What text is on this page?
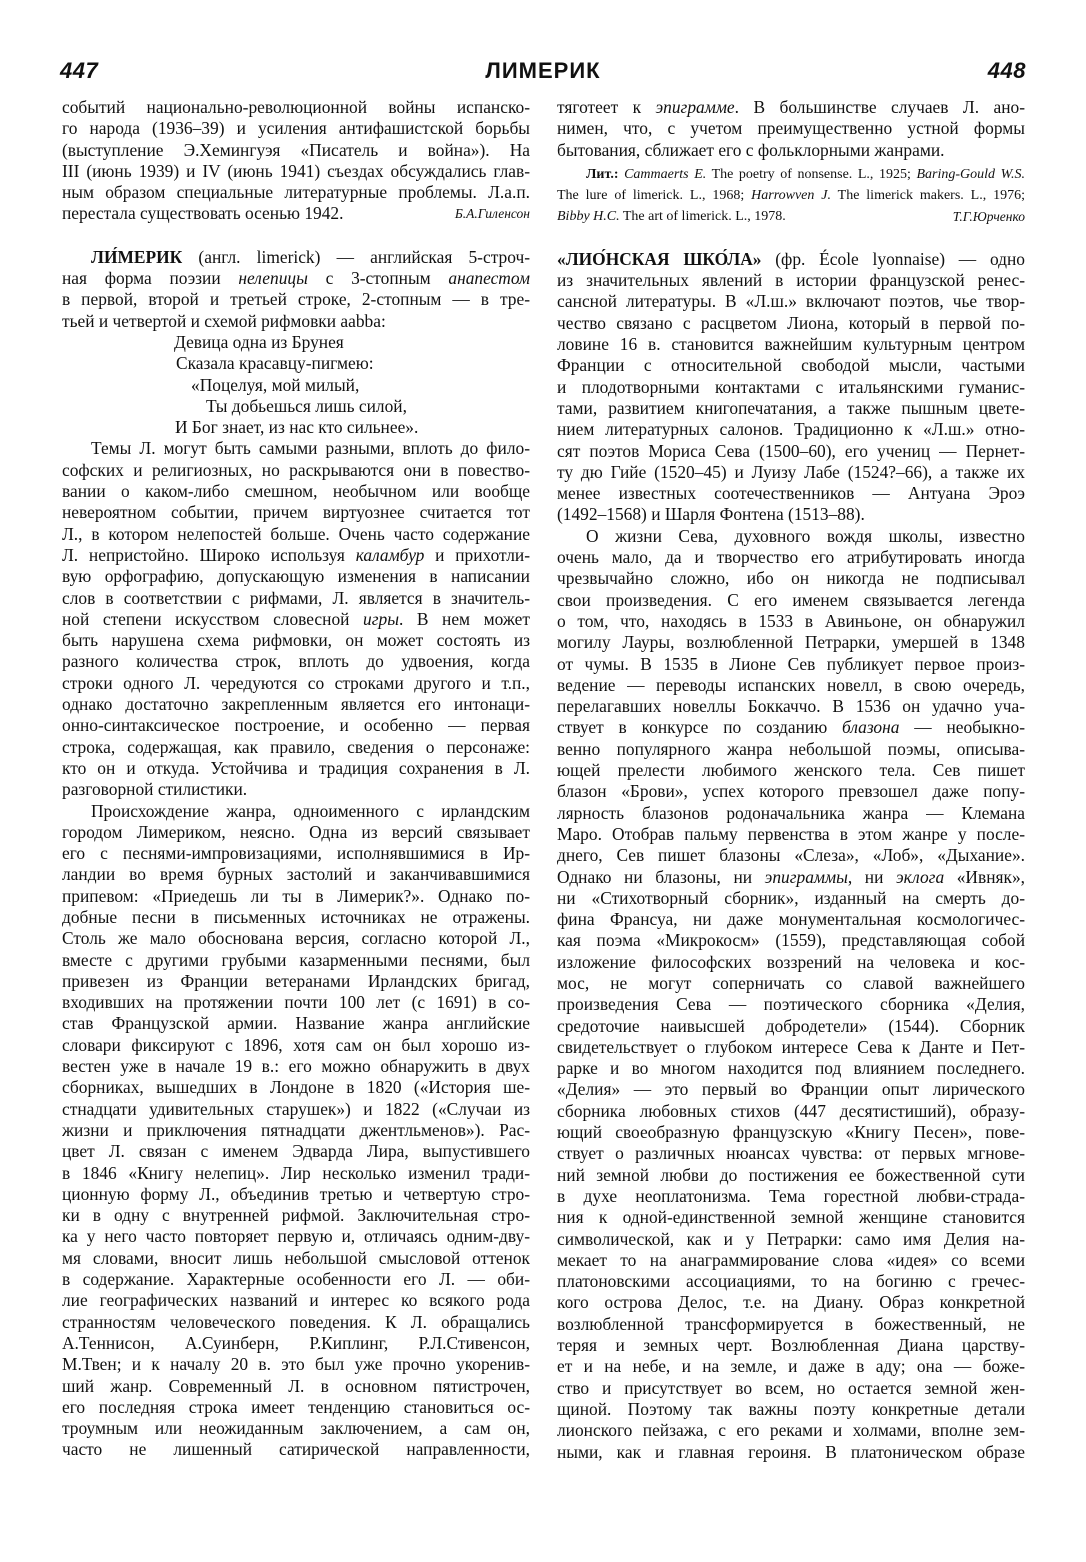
447	ЛИМЕРИК	448
событий национально-революционной войны испанско-
го народа (1936–39) и усиления антифашистской борьбы
(выступление Э.Хемингуэя «Писатель и война»). На
III (июнь 1939) и IV (июнь 1941) съездах обсуждались глав-
ным образом специальные литературные проблемы. Л.а.п.
перестала существовать осенью 1942.	Б.А.Гиленсон
ЛИ́МЕРИК (англ. limerick) — английская 5-строч-
ная форма поэзии нелепицы с 3-стопным анапестом
в первой, второй и третьей строке, 2-стопным — в тре-
тьей и четвертой и схемой рифмовки aabba:
Девица одна из Брунея
Сказала красавцу-пигмею:
«Поцелуя, мой милый,
Ты добьешься лишь силой,
И Бог знает, из нас кто сильнее».
Темы Л. могут быть самыми разными, вплоть до фило-
софских и религиозных, но раскрываются они в повество-
вании о каком-либо смешном, необычном или вообще
невероятном событии, причем виртуознее считается тот
Л., в котором нелепостей больше. Очень часто содержание
Л. непристойно. Широко используя каламбур и прихотли-
вую орфографию, допускающую изменения в написании
слов в соответствии с рифмами, Л. является в значитель-
ной степени искусством словесной игры. В нем может
быть нарушена схема рифмовки, он может состоять из
разного количества строк, вплоть до удвоения, когда
строки одного Л. чередуются со строками другого и т.п.,
однако достаточно закрепленным является его интонаци-
онно-синтаксическое построение, и особенно — первая
строка, содержащая, как правило, сведения о персонаже:
кто он и откуда. Устойчива и традиция сохранения в Л.
разговорной стилистики.
Происхождение жанра, одноименного с ирландским
городом Лимериком, неясно. Одна из версий связывает
его с песнями-импровизациями, исполнявшимися в Ир-
ландии во время бурных застолий и заканчивавшимися
припевом: «Приедешь ли ты в Лимерик?». Однако по-
добные песни в письменных источниках не отражены.
Столь же мало обоснована версия, согласно которой Л.,
вместе с другими грубыми казарменными песнями, был
привезен из Франции ветеранами Ирландских бригад,
входивших на протяжении почти 100 лет (с 1691) в со-
став Французской армии. Название жанра английские
словари фиксируют с 1896, хотя сам он был хорошо из-
вестен уже в начале 19 в.: его можно обнаружить в двух
сборниках, вышедших в Лондоне в 1820 («История ше-
стнадцати удивительных старушек») и 1822 («Случаи из
жизни и приключения пятнадцати джентльменов»). Рас-
цвет Л. связан с именем Эдварда Лира, выпустившего
в 1846 «Книгу нелепиц». Лир несколько изменил тради-
ционную форму Л., объединив третью и четвертую стро-
ки в одну с внутренней рифмой. Заключительная стро-
ка у него часто повторяет первую и, отличаясь одним-дву-
мя словами, вносит лишь небольшой смысловой оттенок
в содержание. Характерные особенности его Л. — оби-
лие географических названий и интерес ко всякого рода
странностям человеческого поведения. К Л. обращались
А.Теннисон, А.Суинберн, Р.Киплинг, Р.Л.Стивенсон,
М.Твен; и к началу 20 в. это был уже прочно укоренив-
ший жанр. Современный Л. в основном пятистрочен,
его последняя строка имеет тенденцию становиться ос-
троумным или неожиданным заключением, а сам он,
часто не лишенный сатирической направленности,
тяготеет к эпиграмме. В большинстве случаев Л. ано-
нимен, что, с учетом преимущественно устной формы
бытования, сближает его с фольклорными жанрами.
Лит.: Cammaerts E. The poetry of nonsense. L., 1925; Baring-Gould W.S.
The lure of limerick. L., 1968; Harrowven J. The limerick makers. L., 1976;
Bibby H.C. The art of limerick. L., 1978.	Т.Г.Юрченко
«ЛИО́НСКАЯ ШКО́ЛА» (фр. École lyonnaise) — одно
из значительных явлений в истории французской ренес-
сансной литературы. В «Л.ш.» включают поэтов, чье твор-
чество связано с расцветом Лиона, который в первой по-
ловине 16 в. становится важнейшим культурным центром
Франции с относительной свободой мысли, частыми
и плодотворными контактами с итальянскими гуманис-
тами, развитием книгопечатания, а также пышным цвете-
нием литературных салонов. Традиционно к «Л.ш.» отно-
сят поэтов Мориса Сева (1500–60), его учениц — Пернет-
ту дю Гийе (1520–45) и Луизу Лабе (1524?–66), а также их
менее известных соотечественников — Антуана Эроэ
(1492–1568) и Шарля Фонтена (1513–88).
О жизни Сева, духовного вождя школы, известно
очень мало, да и творчество его атрибутировать иногда
чрезвычайно сложно, ибо он никогда не подписывал
свои произведения. С его именем связывается легенда
о том, что, находясь в 1533 в Авиньоне, он обнаружил
могилу Лауры, возлюбленной Петрарки, умершей в 1348
от чумы. В 1535 в Лионе Сев публикует первое произ-
ведение — переводы испанских новелл, в свою очередь,
перелагавших новеллы Боккаччо. В 1536 он удачно уча-
ствует в конкурсе по созданию блазона — необыкно-
венно популярного жанра небольшой поэмы, описыва-
ющей прелести любимого женского тела. Сев пишет
блазон «Брови», успех которого превзошел даже попу-
лярность блазонов родоначальника жанра — Клемана
Маро. Отобрав пальму первенства в этом жанре у после-
днего, Сев пишет блазоны «Слеза», «Лоб», «Дыхание».
Однако ни блазоны, ни эпиграммы, ни эклога «Ивняк»,
ни «Стихотворный сборник», изданный на смерть до-
фина Франсуа, ни даже монументальная космологичес-
кая поэма «Микрокосм» (1559), представляющая собой
изложение философских воззрений на человека и кос-
мос, не могут соперничать со славой важнейшего
произведения Сева — поэтического сборника «Делия,
средоточие наивысшей добродетели» (1544). Сборник
свидетельствует о глубоком интересе Сева к Данте и Пет-
рарке и во многом находится под влиянием последнего.
«Делия» — это первый во Франции опыт лирического
сборника любовных стихов (447 десятистиший), образу-
ющий своеобразную французскую «Книгу Песен», пове-
ствует о различных нюансах чувства: от первых мгнове-
ний земной любви до постижения ее божественной сути
в духе неоплатонизма. Тема горестной любви-страда-
ния к одной-единственной земной женщине становится
символической, как и у Петрарки: само имя Делия на-
мекает то на анаграммирование слова «идея» со всеми
платоновскими ассоциациями, то на богиню с гречес-
кого острова Делос, т.е. на Диану. Образ конкретной
возлюбленной трансформируется в божественный, не
теряя и земных черт. Возлюбленная Диана царству-
ет и на небе, и на земле, и даже в аду; она — боже-
ство и присутствует во всем, но остается земной жен-
щиной. Поэтому так важны поэту конкретные детали
лионского пейзажа, с его реками и холмами, вполне зем-
ными, как и главная героиня. В платоническом образе
